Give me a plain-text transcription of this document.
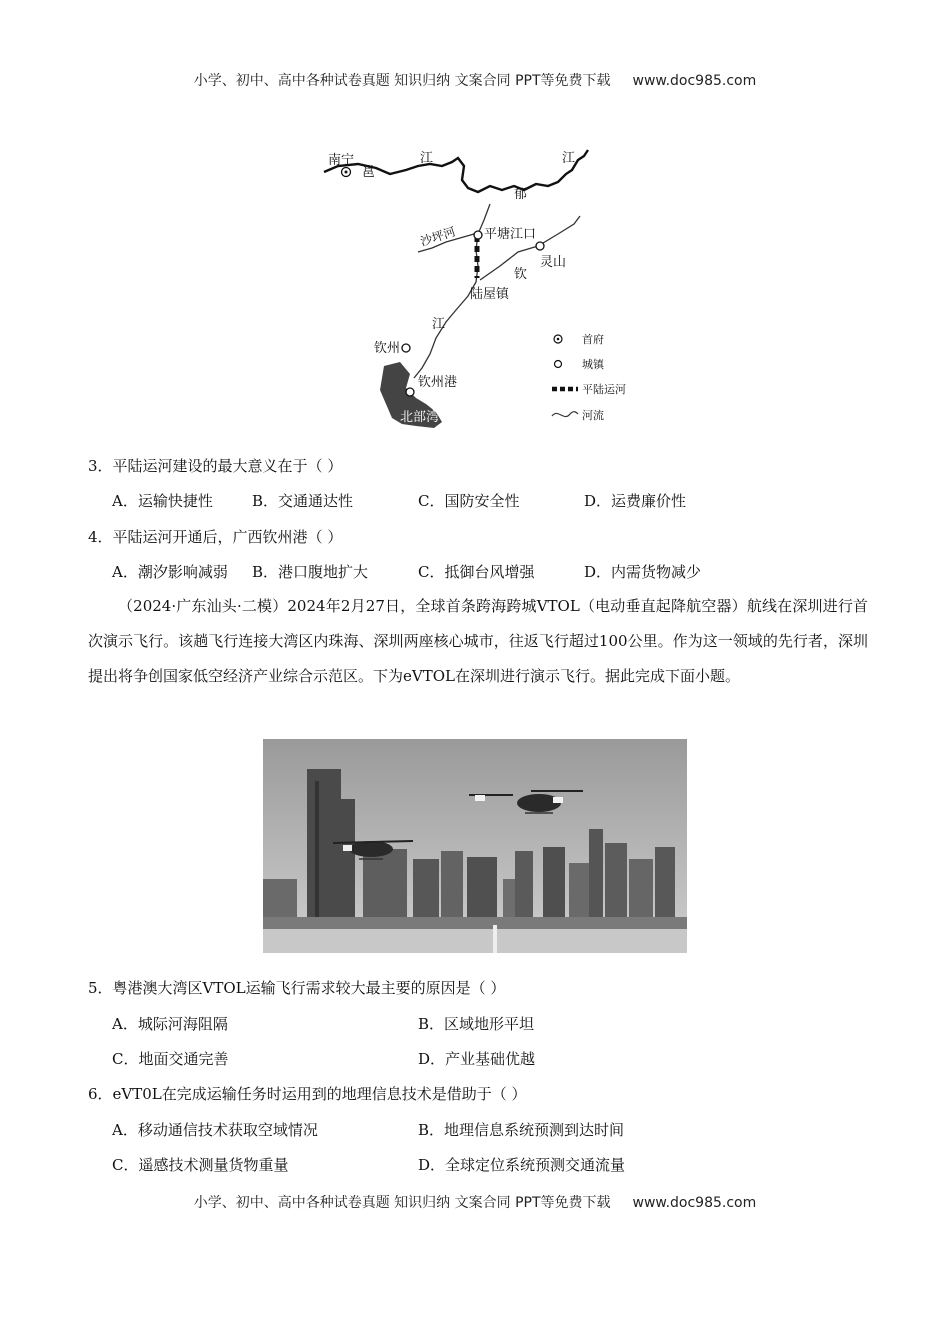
小学、初中、高中各种试卷真题 知识归纳 文案合同 PPT等免费下载 www.doc985.com
南宁
邕
江
郁
江
沙坪河 平塘江口
灵山
钦
陆屋镇
江
钦州
钦州港
北部湾
首府
城镇
平陆运河
河流
3．平陆运河建设的最大意义在于（ ）
A．运输快捷性	B．交通通达性	C．国防安全性	D．运费廉价性
4．平陆运河开通后，广西钦州港（ ）
A．潮汐影响减弱 B．港口腹地扩大	C．抵御台风增强	D．内需货物减少

（2024·广东汕头·二模）2024年2月27日，全球首条跨海跨城VTOL（电动垂直起降航空器）航线在深圳进行首次演示飞行。该趟飞行连接大湾区内珠海、深圳两座核心城市，往返飞行超过100公里。作为这一领域的先行者，深圳提出将争创国家低空经济产业综合示范区。下为eVTOL在深圳进行演示飞行。据此完成下面小题。

5．粤港澳大湾区VTOL运输飞行需求较大最主要的原因是（ ）
A．城际河海阻隔	B．区域地形平坦
C．地面交通完善	D．产业基础优越
6．eVT0L在完成运输任务时运用到的地理信息技术是借助于（ ）
A．移动通信技术获取空域情况	B．地理信息系统预测到达时间
C．遥感技术测量货物重量	D．全球定位系统预测交通流量
小学、初中、高中各种试卷真题 知识归纳 文案合同 PPT等免费下载 www.doc985.com
